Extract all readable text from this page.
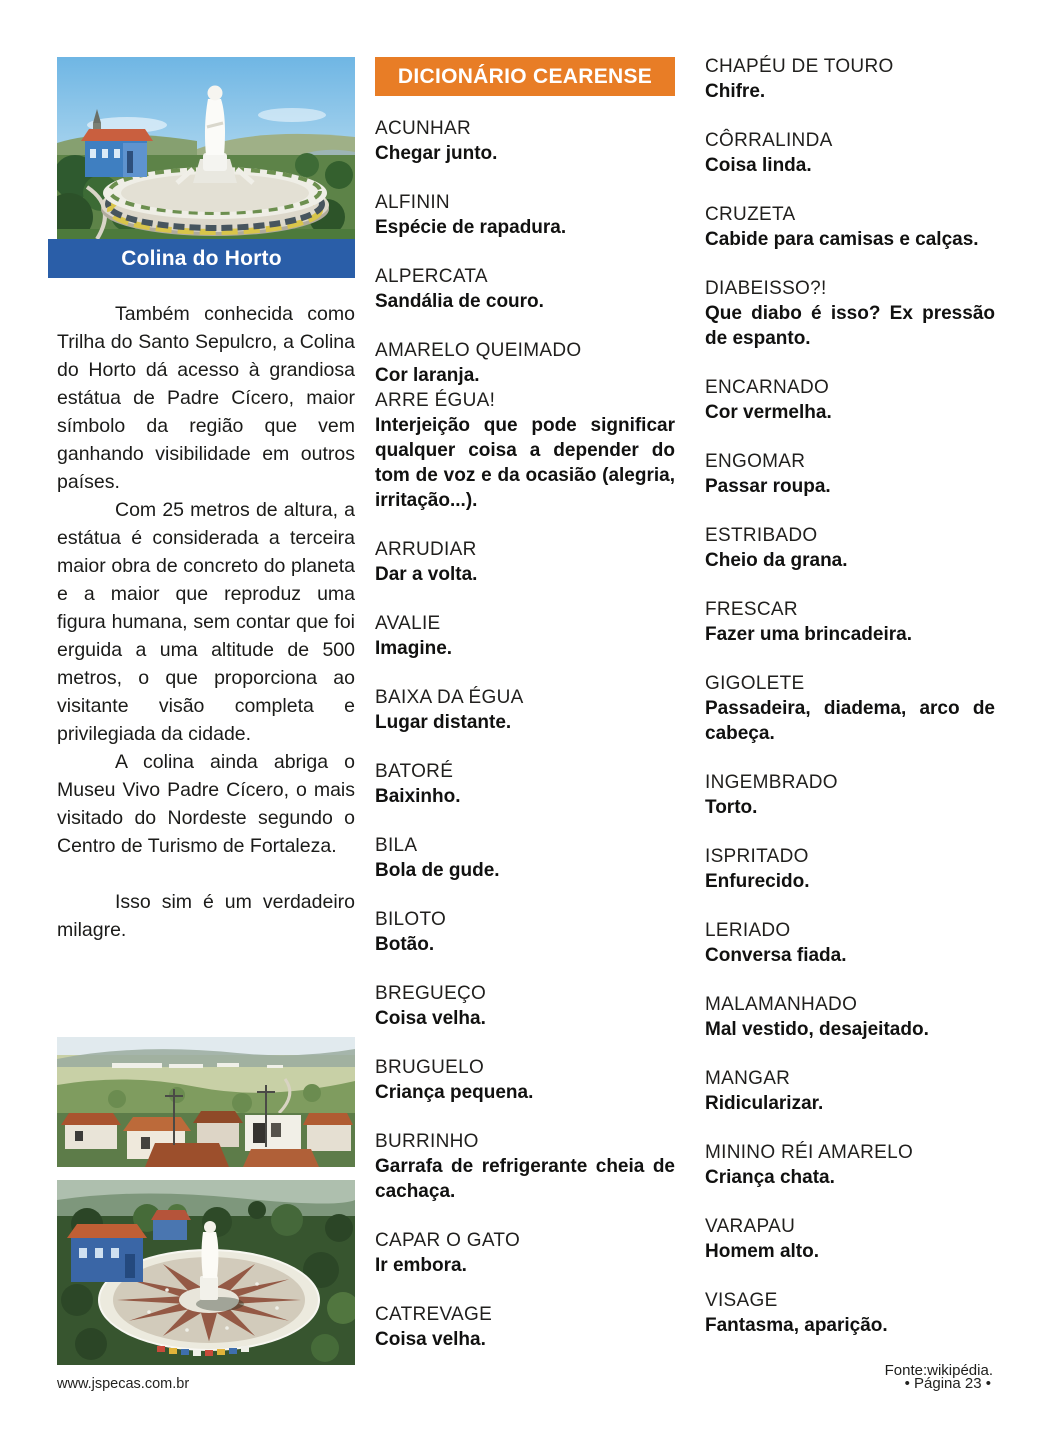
Colina do Horto

Também conhecida como Trilha do Santo Sepulcro, a Colina do Horto dá acesso à grandiosa estátua de Padre Cícero, maior símbolo da região que vem ganhando visibilidade em outros países.

Com 25 metros de altura, a estátua é considerada a terceira maior obra de concreto do planeta e a maior que reproduz uma figura humana, sem contar que foi erguida a uma altitude de 500 metros, o que proporciona ao visitante visão completa e privilegiada da cidade.

A colina ainda abriga o Museu Vivo Padre Cícero, o mais visitado do Nordeste segundo o Centro de Turismo de Fortaleza.

Isso sim é um verdadeiro milagre.

DICIONÁRIO CEARENSE
ACUNHAR
Chegar junto.
ALFININ
Espécie de rapadura.
ALPERCATA
Sandália de couro.
AMARELO QUEIMADO
Cor laranja.
ARRE ÉGUA!
Interjeição que pode significar qualquer coisa a depender do tom de voz e da ocasião (alegria, irritação...).
ARRUDIAR
Dar a volta.
AVALIE
Imagine.
BAIXA DA ÉGUA
Lugar distante.
BATORÉ
Baixinho.
BILA
Bola de gude.
BILOTO
Botão.
BREGUEÇO
Coisa velha.
BRUGUELO
Criança pequena.
BURRINHO
Garrafa de refrigerante cheia de cachaça.
CAPAR O GATO
Ir embora.
CATREVAGE
Coisa velha.
CHAPÉU DE TOURO
Chifre.
CÔRRALINDA
Coisa linda.
CRUZETA
Cabide para camisas e calças.
DIABEISSO?!
Que diabo é isso? Ex pressão de espanto.
ENCARNADO
Cor vermelha.
ENGOMAR
Passar roupa.
ESTRIBADO
Cheio da grana.
FRESCAR
Fazer uma brincadeira.
GIGOLETE
Passadeira, diadema, arco de cabeça.
INGEMBRADO
Torto.
ISPRITADO
Enfurecido.
LERIADO
Conversa fiada.
MALAMANHADO
Mal vestido, desajeitado.
MANGAR
Ridicularizar.
MININO RÉI AMARELO
Criança chata.
VARAPAU
Homem alto.
VISAGE
Fantasma, aparição.
Fonte:wikipédia.
www.jspecas.com.br	• Página 23 •
